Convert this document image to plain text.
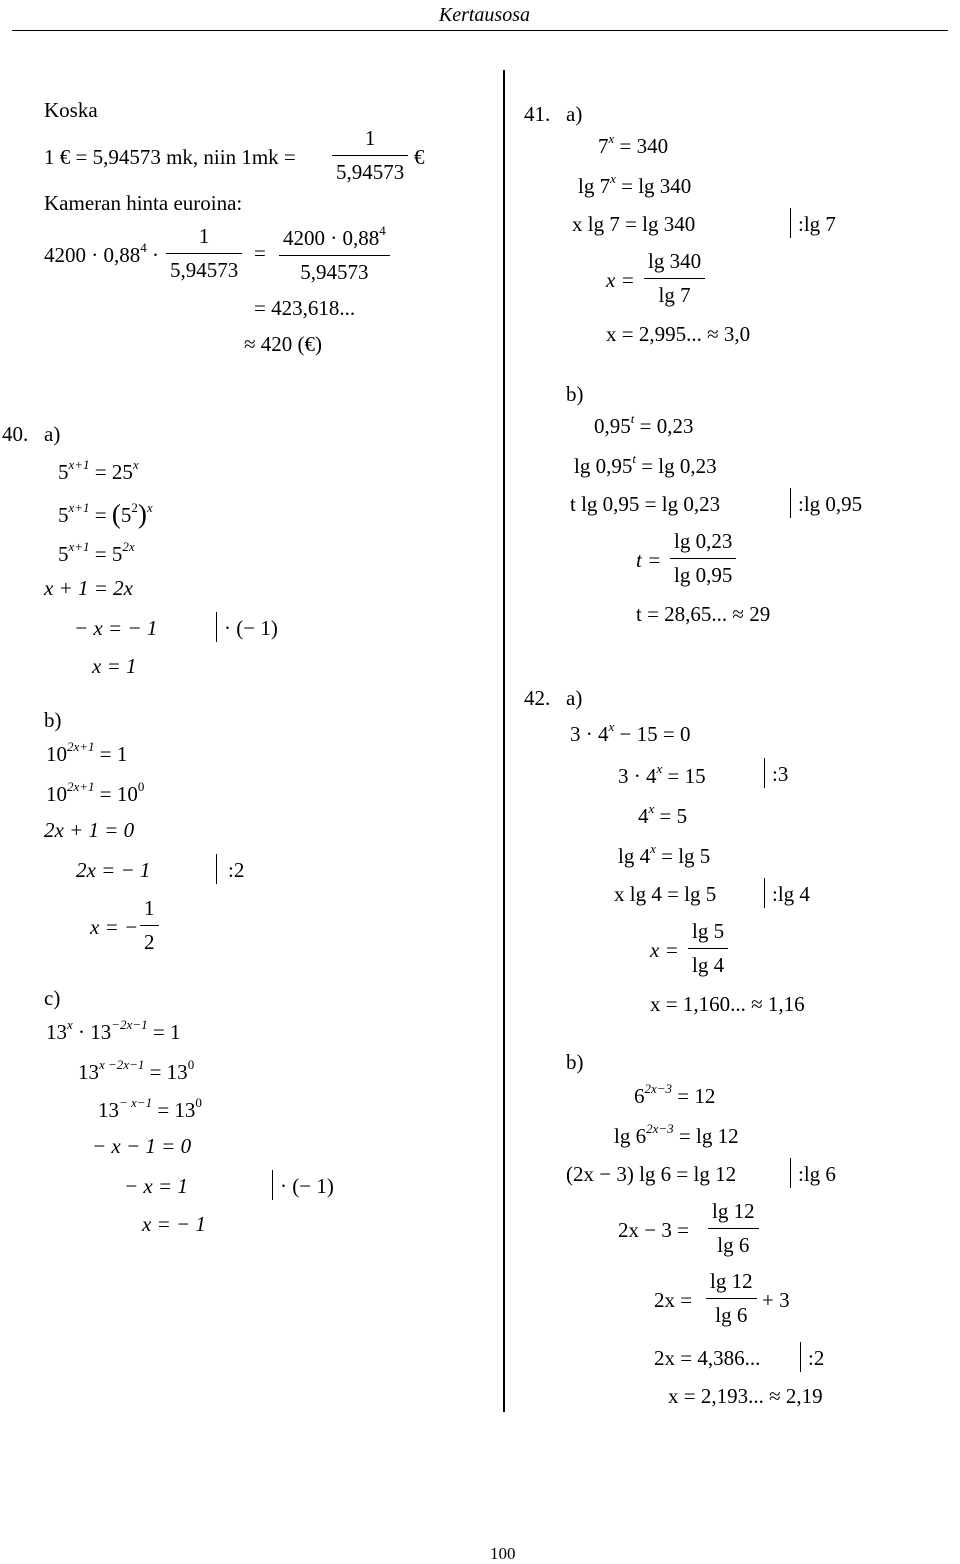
Kertausosa
Koska
1 € = 5,94573 mk, niin 1mk =
1
5,94573
€
Kameran hinta euroina:
$4200 \cdot 0,88^4$ ·
1
5,94573
=
$4200 \cdot 0,88^4$
5,94573
= 423,618...
≈ 420 (€)
40. a)
$5^{x+1} = 25^x$
$5^{x+1} = (5^2)^x$
$5^{x+1} = 5^{2x}$
x + 1 = 2x
− x = − 1	· (− 1)
x = 1
b)
$10^{2x+1} = 1$
$10^{2x+1} = 10^0$
2x + 1 = 0
2x = − 1	:2
x = −
1
2
c)
$13^x \cdot 13^{-2x-1} = 1$
$13^{x -2x-1} = 13^0$
$13^{- x-1} = 13^0$
− x − 1 = 0
− x = 1	· (− 1)
x = − 1
41. a)
$7^x = 340$
$\lg 7^x = \lg 340$
x lg 7 = lg 340	:lg 7
x =
lg 340
lg 7
x = 2,995... ≈ 3,0
b)
$0,95^t = 0,23$
$\lg 0,95^t = \lg 0,23$
t lg 0,95 = lg 0,23	:lg 0,95
t =
lg 0,23
lg 0,95
t = 28,65... ≈ 29
42. a)
$3 \cdot 4^x - 15 = 0$
$3 \cdot 4^x = 15$	:3
$4^x = 5$
$\lg 4^x = \lg 5$
x lg 4 = lg 5	:lg 4
x =
lg 5
lg 4
x = 1,160... ≈ 1,16
b)
$6^{2x-3} = 12$
$\lg 6^{2x-3} = \lg 12$
(2x − 3) lg 6 = lg 12	:lg 6
2x − 3 =
lg 12
lg 6
2x =
lg 12
lg 6
+ 3
2x = 4,386... :2
x = 2,193... ≈ 2,19
100
